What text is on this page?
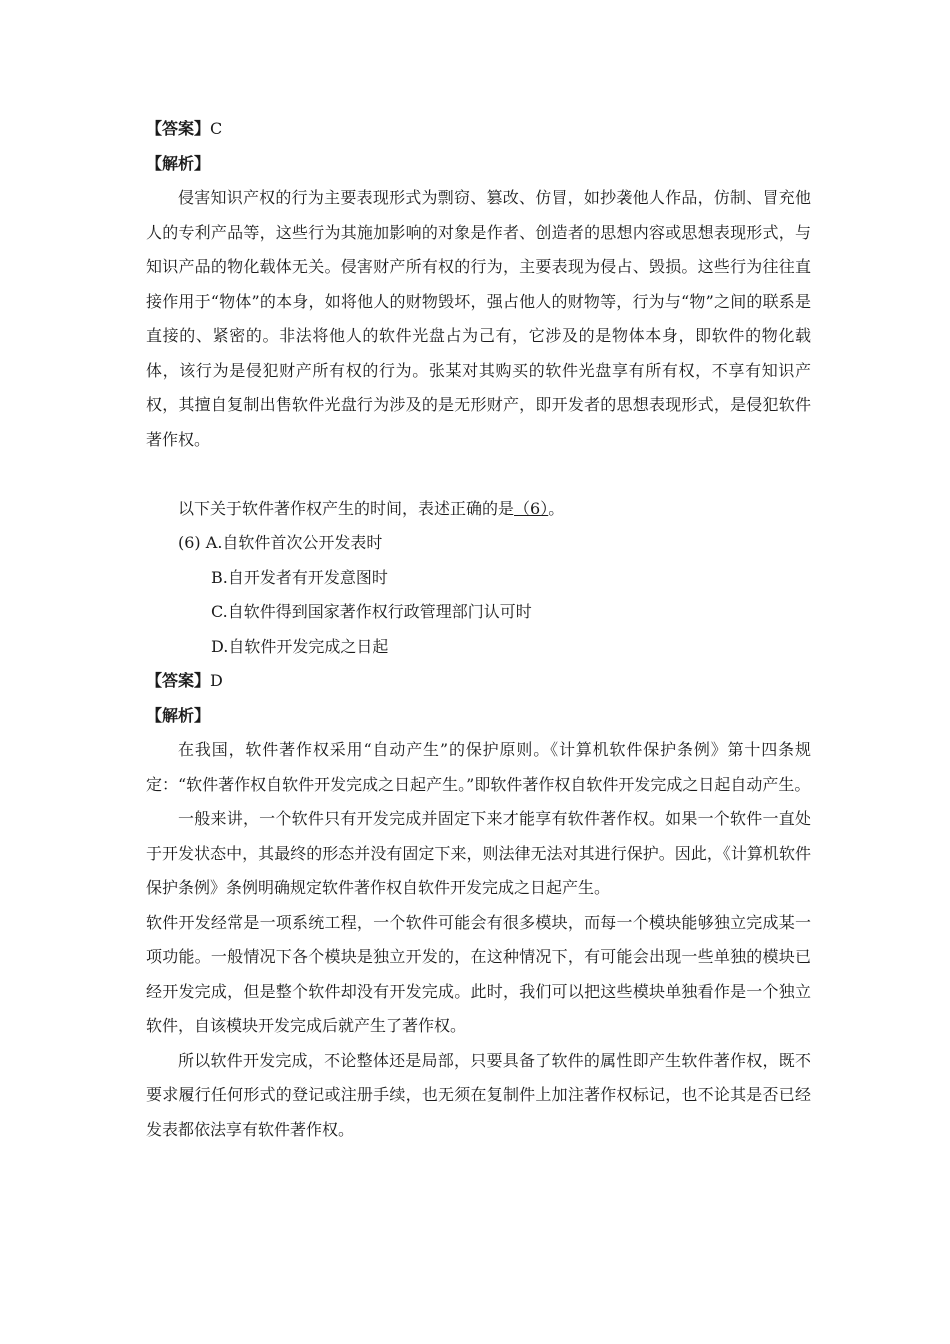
【答案】C
【解析】

侵害知识产权的行为主要表现形式为剽窃、篡改、仿冒，如抄袭他人作品，仿制、冒充他人的专利产品等，这些行为其施加影响的对象是作者、创造者的思想内容或思想表现形式，与知识产品的物化载体无关。侵害财产所有权的行为，主要表现为侵占、毁损。这些行为往往直接作用于“物体”的本身，如将他人的财物毁坏，强占他人的财物等，行为与“物”之间的联系是直接的、紧密的。非法将他人的软件光盘占为己有，它涉及的是物体本身，即软件的物化载体，该行为是侵犯财产所有权的行为。张某对其购买的软件光盘享有所有权，不享有知识产权，其擅自复制出售软件光盘行为涉及的是无形财产，即开发者的思想表现形式，是侵犯软件著作权。

以下关于软件著作权产生的时间，表述正确的是（6）。
(6) A.自软件首次公开发表时
B.自开发者有开发意图时
C.自软件得到国家著作权行政管理部门认可时
D.自软件开发完成之日起
【答案】D
【解析】

在我国，软件著作权采用“自动产生”的保护原则。《计算机软件保护条例》第十四条规定：“软件著作权自软件开发完成之日起产生。”即软件著作权自软件开发完成之日起自动产生。

一般来讲，一个软件只有开发完成并固定下来才能享有软件著作权。如果一个软件一直处于开发状态中，其最终的形态并没有固定下来，则法律无法对其进行保护。因此，《计算机软件保护条例》条例明确规定软件著作权自软件开发完成之日起产生。

软件开发经常是一项系统工程，一个软件可能会有很多模块，而每一个模块能够独立完成某一项功能。一般情况下各个模块是独立开发的，在这种情况下，有可能会出现一些单独的模块已经开发完成，但是整个软件却没有开发完成。此时，我们可以把这些模块单独看作是一个独立软件，自该模块开发完成后就产生了著作权。

所以软件开发完成，不论整体还是局部，只要具备了软件的属性即产生软件著作权，既不要求履行任何形式的登记或注册手续，也无须在复制件上加注著作权标记，也不论其是否已经发表都依法享有软件著作权。
